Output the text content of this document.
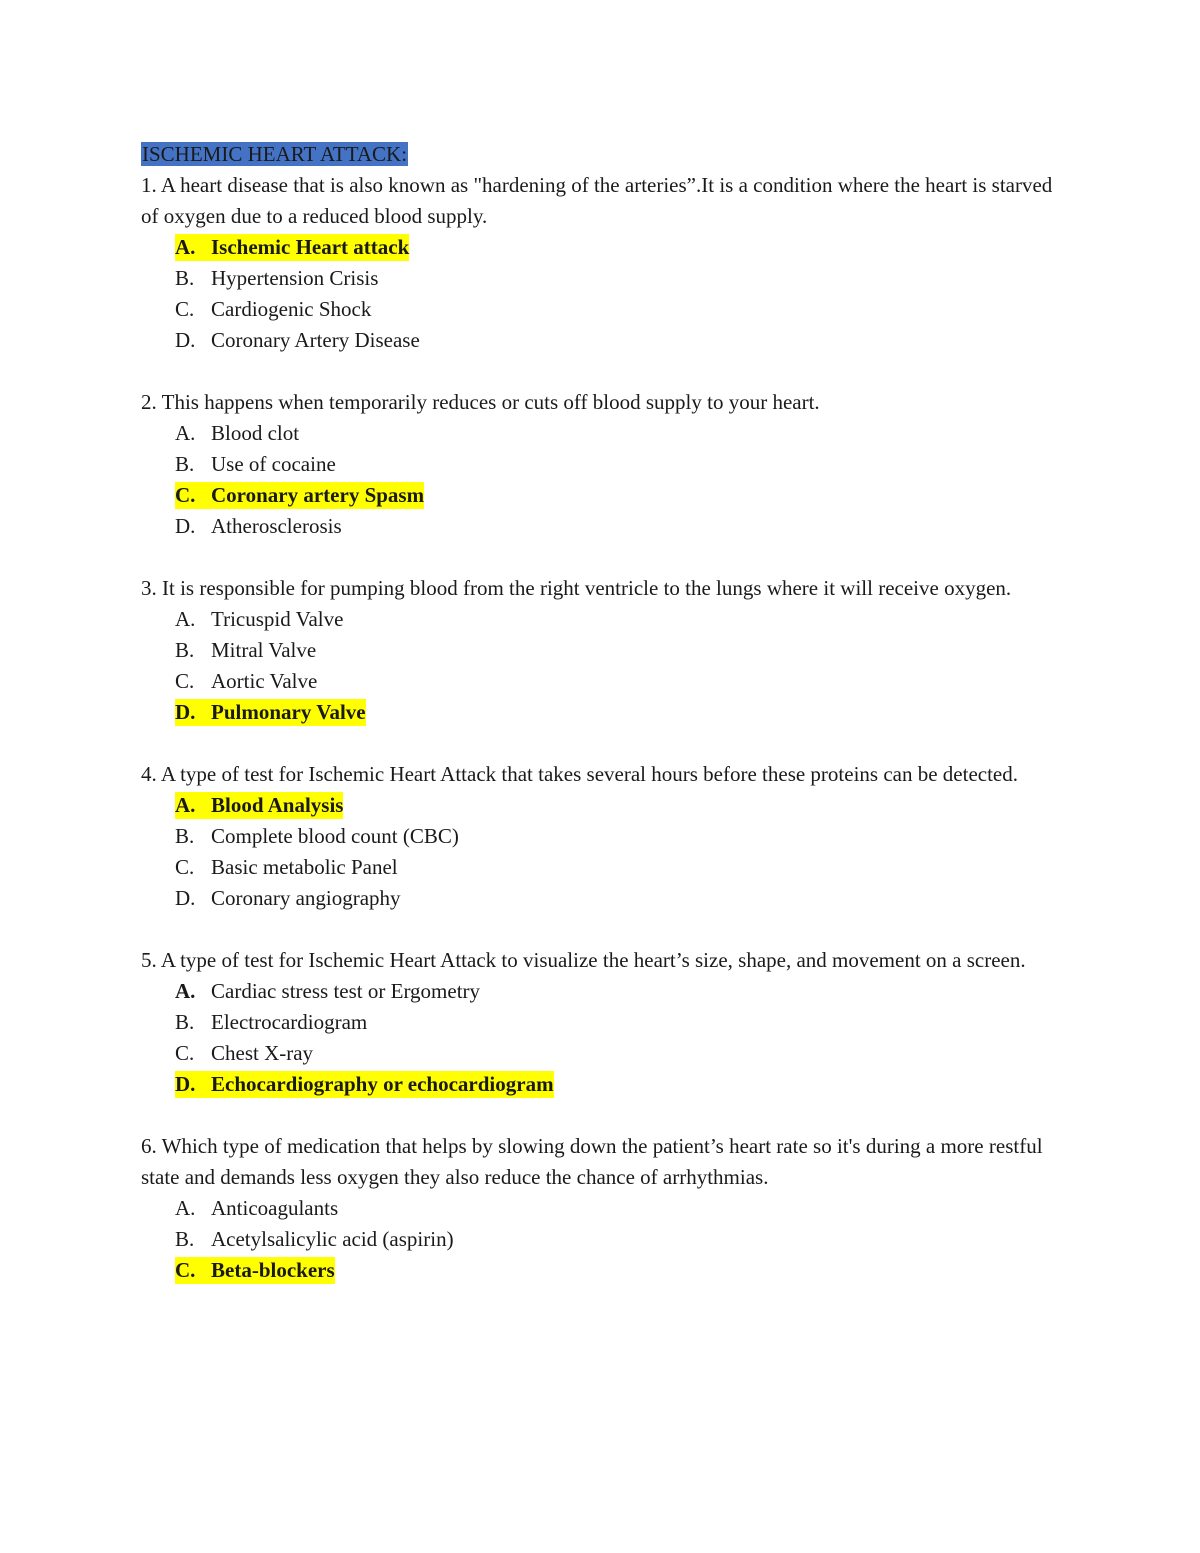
ISCHEMIC HEART ATTACK:

1. A heart disease that is also known as "hardening of the arteries”.It is a condition where the heart is starved of oxygen due to a reduced blood supply.

A. Ischemic Heart attack
B. Hypertension Crisis
C. Cardiogenic Shock
D. Coronary Artery Disease

2. This happens when temporarily reduces or cuts off blood supply to your heart.

A. Blood clot
B. Use of cocaine
C. Coronary artery Spasm
D. Atherosclerosis

3. It is responsible for pumping blood from the right ventricle to the lungs where it will receive oxygen.

A. Tricuspid Valve
B. Mitral Valve
C. Aortic Valve
D. Pulmonary Valve

4. A type of test for Ischemic Heart Attack that takes several hours before these proteins can be detected.

A. Blood Analysis
B. Complete blood count (CBC)
C. Basic metabolic Panel
D. Coronary angiography

5. A type of test for Ischemic Heart Attack to visualize the heart’s size, shape, and movement on a screen.

A. Cardiac stress test or Ergometry
B. Electrocardiogram
C. Chest X-ray
D. Echocardiography or echocardiogram

6. Which type of medication that helps by slowing down the patient’s heart rate so it's during a more restful state and demands less oxygen they also reduce the chance of arrhythmias.

A. Anticoagulants
B. Acetylsalicylic acid (aspirin)
C. Beta-blockers
